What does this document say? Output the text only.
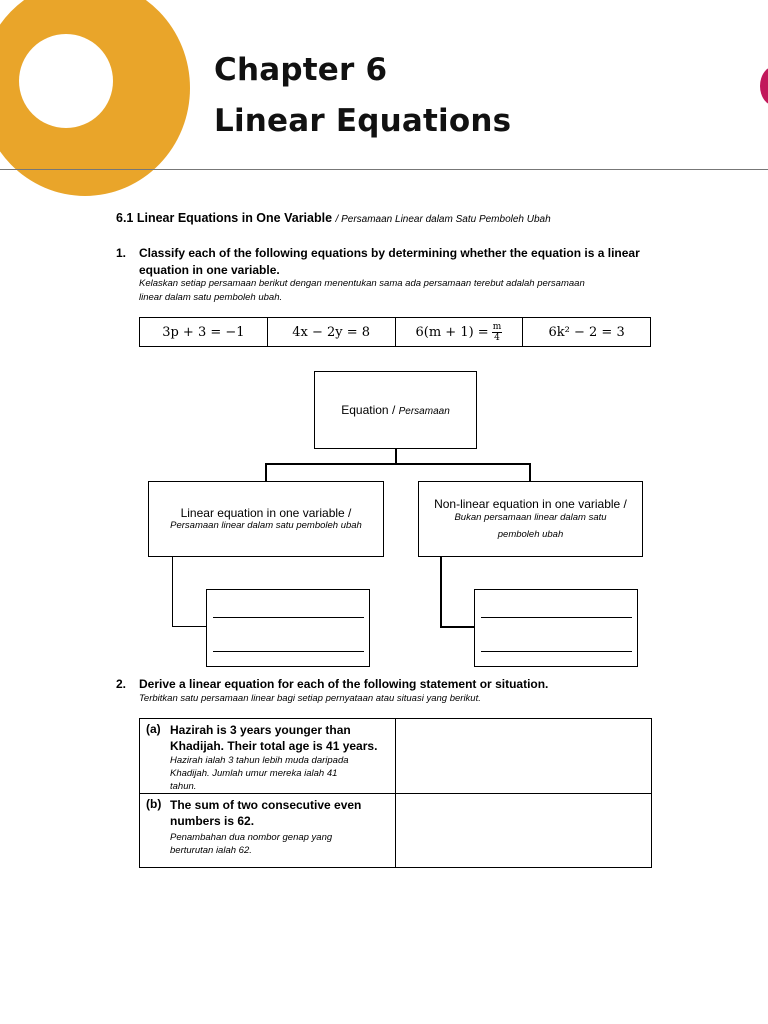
Chapter 6
Linear Equations
6.1 Linear Equations in One Variable / Persamaan Linear dalam Satu Pemboleh Ubah
1. Classify each of the following equations by determining whether the equation is a linear
equation in one variable.
Kelaskan setiap persamaan berikut dengan menentukan sama ada persamaan terebut adalah persamaan
linear dalam satu pemboleh ubah.
3p + 3 = −1	4x − 2y = 8	$6(m + 1) = \frac{m}{4}$	6k² − 2 = 3
Equation / Persamaan
Linear equation in one variable /
Persamaan linear dalam satu pemboleh ubah
Non-linear equation in one variable /
Bukan persamaan linear dalam satu
pemboleh ubah
2. Derive a linear equation for each of the following statement or situation.
Terbitkan satu persamaan linear bagi setiap pernyataan atau situasi yang berikut.
(a) Hazirah is 3 years younger than
Khadijah. Their total age is 41 years.
Hazirah ialah 3 tahun lebih muda daripada
Khadijah. Jumlah umur mereka ialah 41
tahun.
(b) The sum of two consecutive even
numbers is 62.
Penambahan dua nombor genap yang
berturutan ialah 62.
